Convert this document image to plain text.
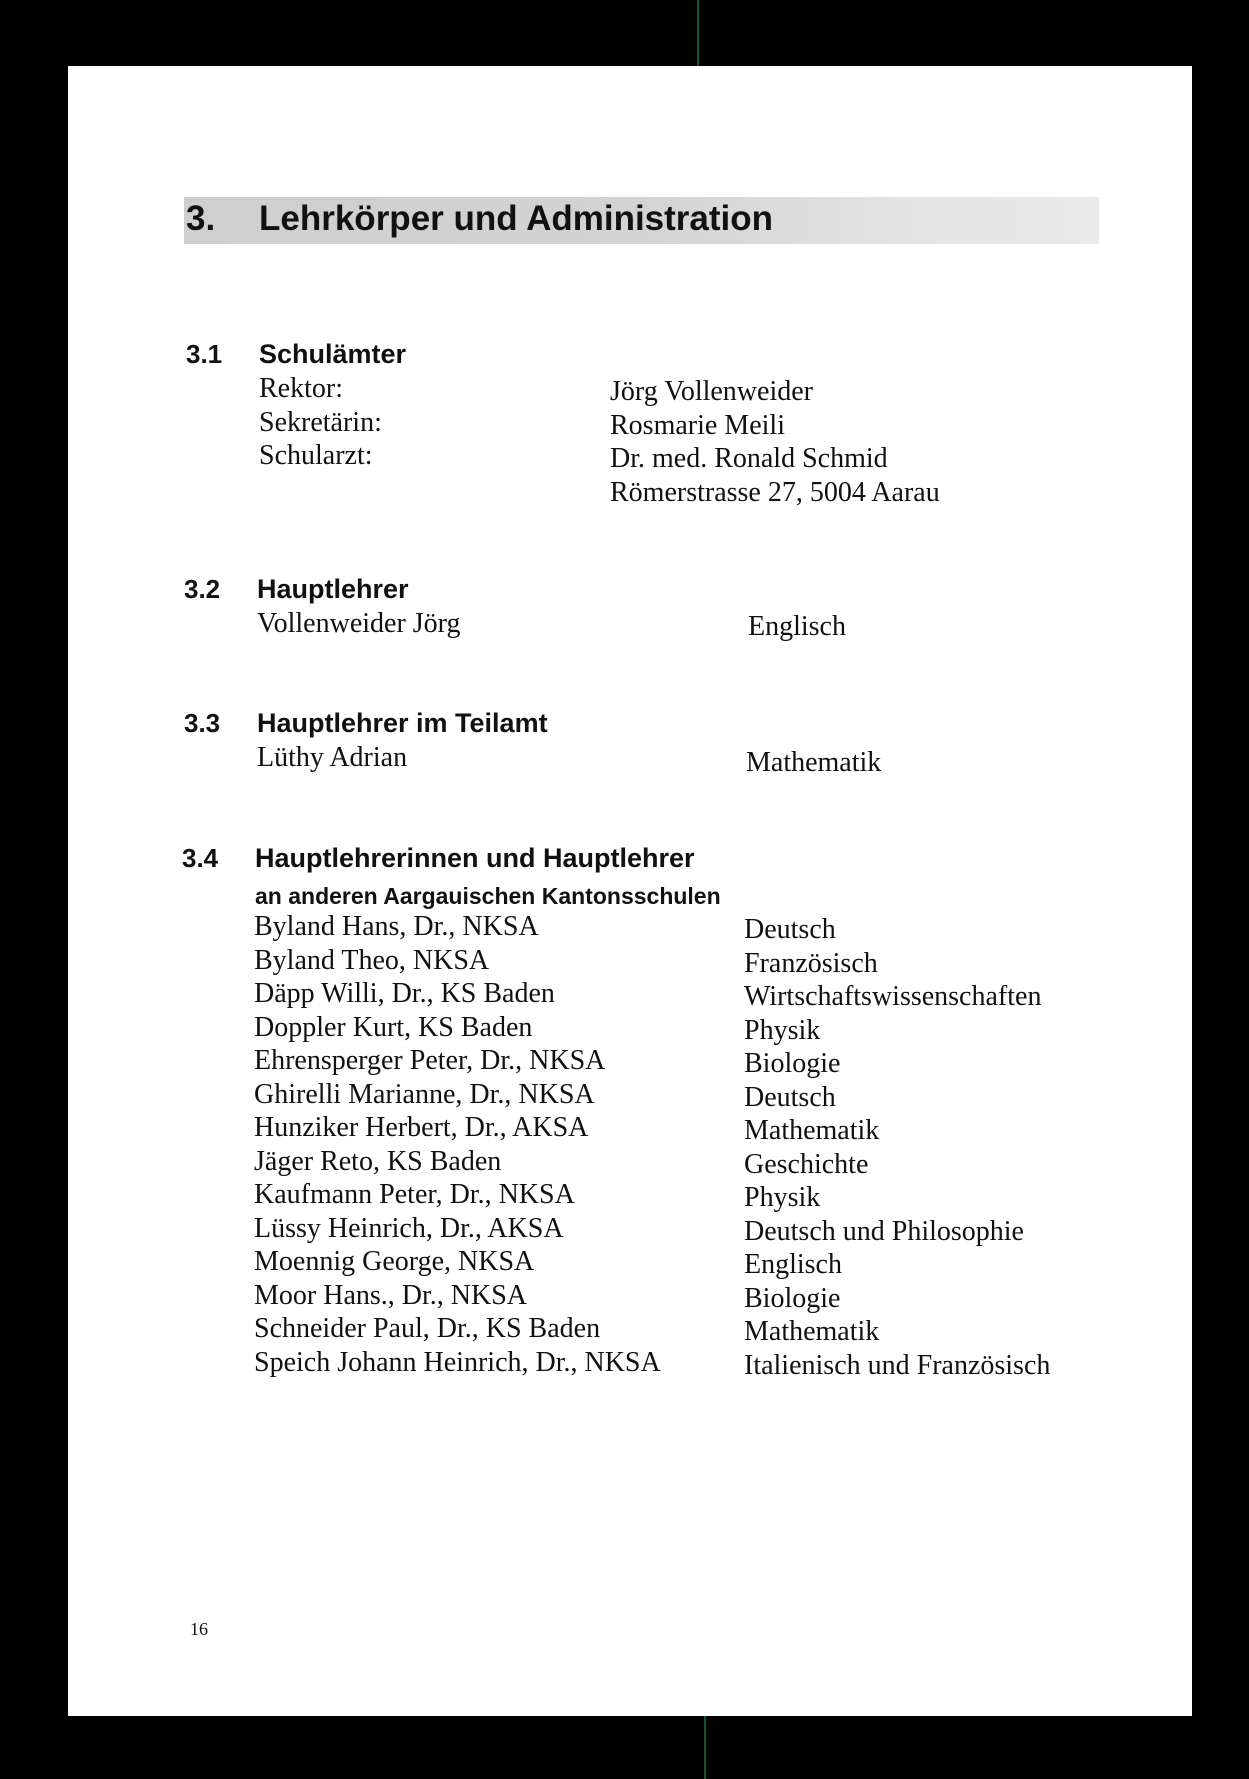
3. Lehrkörper und Administration
3.1 Schulämter
Rektor:
Sekretärin:
Schularzt:
Jörg Vollenweider
Rosmarie Meili
Dr. med. Ronald Schmid
Römerstrasse 27, 5004 Aarau
3.2 Hauptlehrer
Vollenweider Jörg	Englisch
3.3 Hauptlehrer im Teilamt
Lüthy Adrian	Mathematik
3.4 Hauptlehrerinnen und Hauptlehrer
an anderen Aargauischen Kantonsschulen
Byland Hans, Dr., NKSA
Byland Theo, NKSA
Däpp Willi, Dr., KS Baden
Doppler Kurt, KS Baden
Ehrensperger Peter, Dr., NKSA
Ghirelli Marianne, Dr., NKSA
Hunziker Herbert, Dr., AKSA
Jäger Reto, KS Baden
Kaufmann Peter, Dr., NKSA
Lüssy Heinrich, Dr., AKSA
Moennig George, NKSA
Moor Hans., Dr., NKSA
Schneider Paul, Dr., KS Baden
Speich Johann Heinrich, Dr., NKSA
Deutsch
Französisch
Wirtschaftswissenschaften
Physik
Biologie
Deutsch
Mathematik
Geschichte
Physik
Deutsch und Philosophie
Englisch
Biologie
Mathematik
Italienisch und Französisch
16
